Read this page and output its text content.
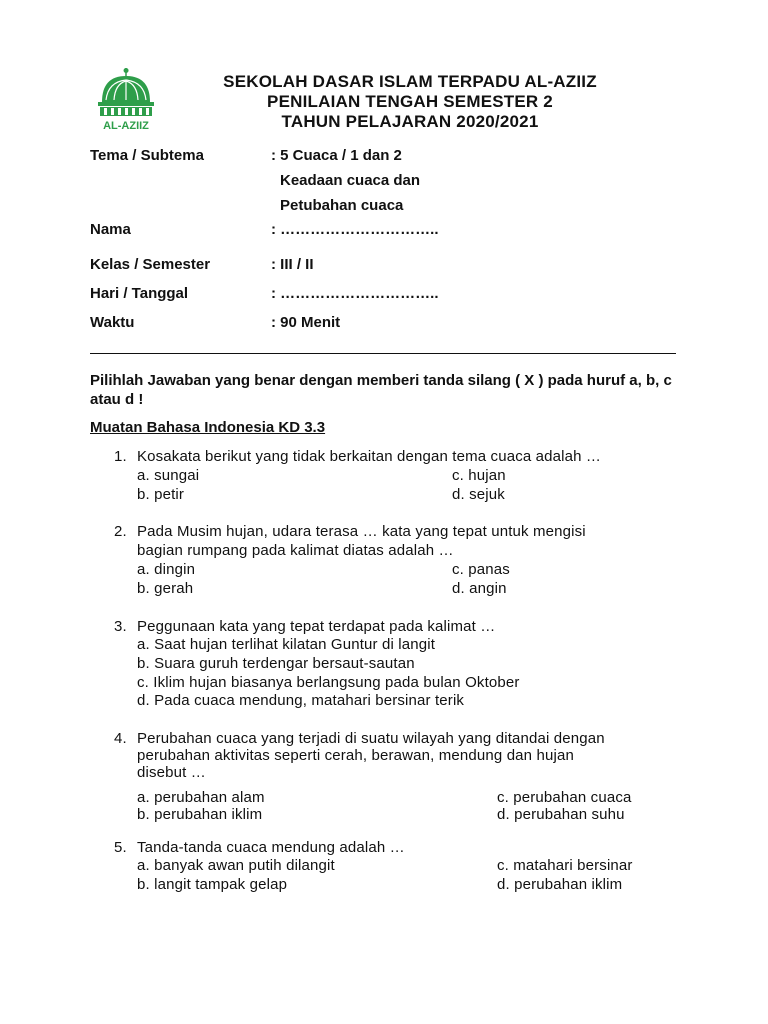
AL-AZIIZ
SEKOLAH DASAR ISLAM TERPADU AL-AZIIZ
PENILAIAN TENGAH SEMESTER 2
TAHUN PELAJARAN 2020/2021
Tema / Subtema	: 5 Cuaca / 1 dan 2
Keadaan cuaca dan
Petubahan cuaca
Nama	: …………………………..
Kelas / Semester	: III / II
Hari / Tanggal	: …………………………..
Waktu	: 90 Menit
Pilihlah Jawaban yang benar dengan memberi tanda silang ( X ) pada huruf a, b, c atau d !
Muatan Bahasa Indonesia KD 3.3
1. Kosakata berikut yang tidak berkaitan dengan tema cuaca adalah …
a. sungai
b. petir
c. hujan
d. sejuk
2. Pada Musim hujan, udara terasa … kata yang tepat untuk mengisi
bagian rumpang pada kalimat diatas adalah …
a. dingin
b. gerah
c. panas
d. angin
3. Peggunaan kata yang tepat terdapat pada kalimat …
a. Saat hujan terlihat kilatan Guntur di langit
b. Suara guruh terdengar bersaut-sautan
c. Iklim hujan biasanya berlangsung pada bulan Oktober
d. Pada cuaca mendung, matahari bersinar terik
4. Perubahan cuaca yang terjadi di suatu wilayah yang ditandai dengan
perubahan aktivitas seperti cerah, berawan, mendung dan hujan
disebut …
a. perubahan alam
b. perubahan iklim
c. perubahan cuaca
d. perubahan suhu
5. Tanda-tanda cuaca mendung adalah …
a. banyak awan putih dilangit
b. langit tampak gelap
c. matahari bersinar
d. perubahan iklim
